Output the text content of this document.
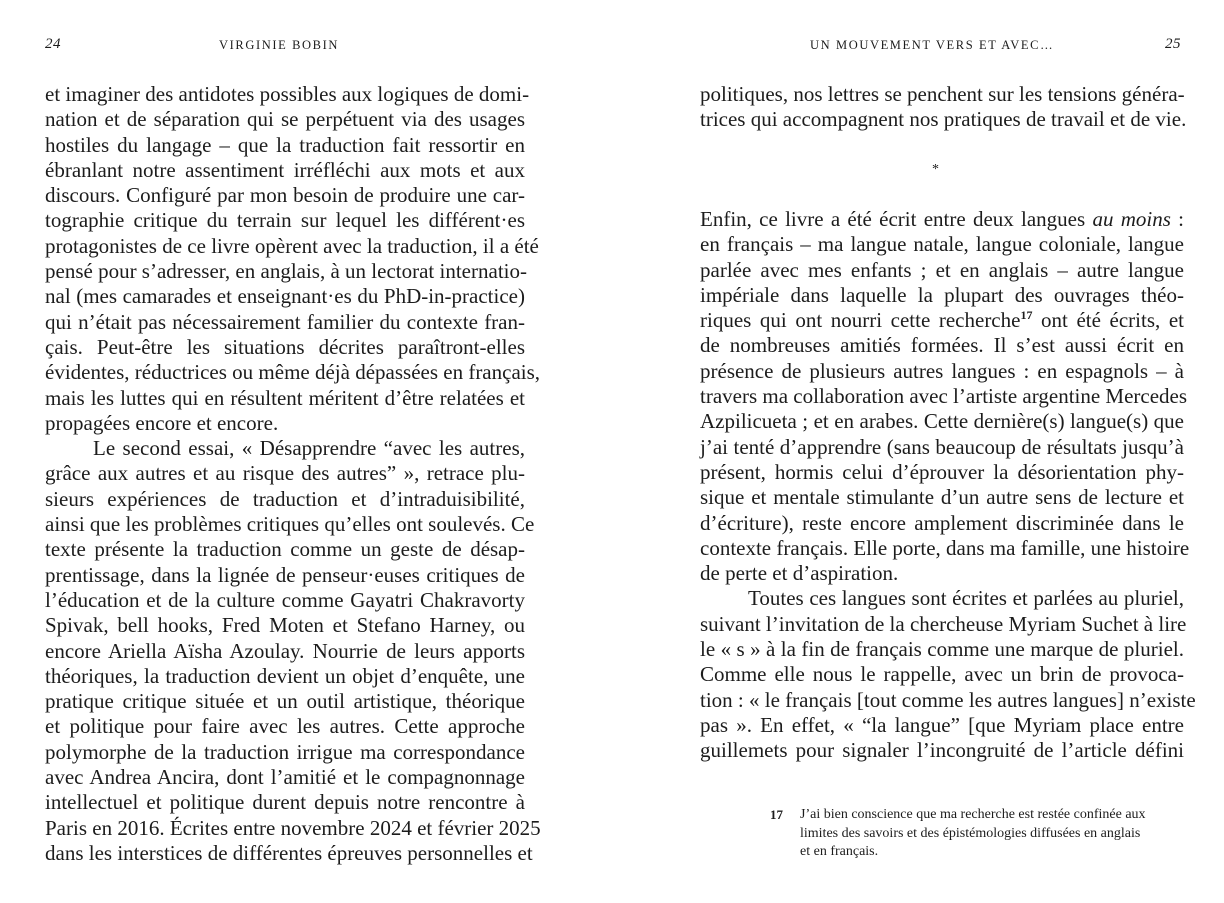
24	VIRGINIE BOBIN
et imaginer des antidotes possibles aux logiques de domi-
nation et de séparation qui se perpétuent via des usages
hostiles du langage – que la traduction fait ressortir en
ébranlant notre assentiment irréfléchi aux mots et aux
discours. Configuré par mon besoin de produire une car-
tographie critique du terrain sur lequel les différent·es
protagonistes de ce livre opèrent avec la traduction, il a été
pensé pour s’adresser, en anglais, à un lectorat internatio-
nal (mes camarades et enseignant·es du PhD-in-practice)
qui n’était pas nécessairement familier du contexte fran-
çais. Peut-être les situations décrites paraîtront-elles
évidentes, réductrices ou même déjà dépassées en français,
mais les luttes qui en résultent méritent d’être relatées et
propagées encore et encore.
Le second essai, « Désapprendre “avec les autres,
grâce aux autres et au risque des autres” », retrace plu-
sieurs expériences de traduction et d’intraduisibilité,
ainsi que les problèmes critiques qu’elles ont soulevés. Ce
texte présente la traduction comme un geste de désap-
prentissage, dans la lignée de penseur·euses critiques de
l’éducation et de la culture comme Gayatri Chakravorty
Spivak, bell hooks, Fred Moten et Stefano Harney, ou
encore Ariella Aïsha Azoulay. Nourrie de leurs apports
théoriques, la traduction devient un objet d’enquête, une
pratique critique située et un outil artistique, théorique
et politique pour faire avec les autres. Cette approche
polymorphe de la traduction irrigue ma correspondance
avec Andrea Ancira, dont l’amitié et le compagnonnage
intellectuel et politique durent depuis notre rencontre à
Paris en 2016. Écrites entre novembre 2024 et février 2025
dans les interstices de différentes épreuves personnelles et
UN MOUVEMENT VERS ET AVEC…	25
politiques, nos lettres se penchent sur les tensions généra-
trices qui accompagnent nos pratiques de travail et de vie.
*
Enfin, ce livre a été écrit entre deux langues au moins :
en français – ma langue natale, langue coloniale, langue
parlée avec mes enfants ; et en anglais – autre langue
impériale dans laquelle la plupart des ouvrages théo-
riques qui ont nourri cette recherche$^{17}$ ont été écrits, et
de nombreuses amitiés formées. Il s’est aussi écrit en
présence de plusieurs autres langues : en espagnols – à
travers ma collaboration avec l’artiste argentine Mercedes
Azpilicueta ; et en arabes. Cette dernière(s) langue(s) que
j’ai tenté d’apprendre (sans beaucoup de résultats jusqu’à
présent, hormis celui d’éprouver la désorientation phy-
sique et mentale stimulante d’un autre sens de lecture et
d’écriture), reste encore amplement discriminée dans le
contexte français. Elle porte, dans ma famille, une histoire
de perte et d’aspiration.
Toutes ces langues sont écrites et parlées au pluriel,
suivant l’invitation de la chercheuse Myriam Suchet à lire
le « s » à la fin de français comme une marque de pluriel.
Comme elle nous le rappelle, avec un brin de provoca-
tion : « le français [tout comme les autres langues] n’existe
pas ». En effet, « “la langue” [que Myriam place entre
guillemets pour signaler l’incongruité de l’article défini
17 J’ai bien conscience que ma recherche est restée confinée aux
limites des savoirs et des épistémologies diffusées en anglais
et en français.
